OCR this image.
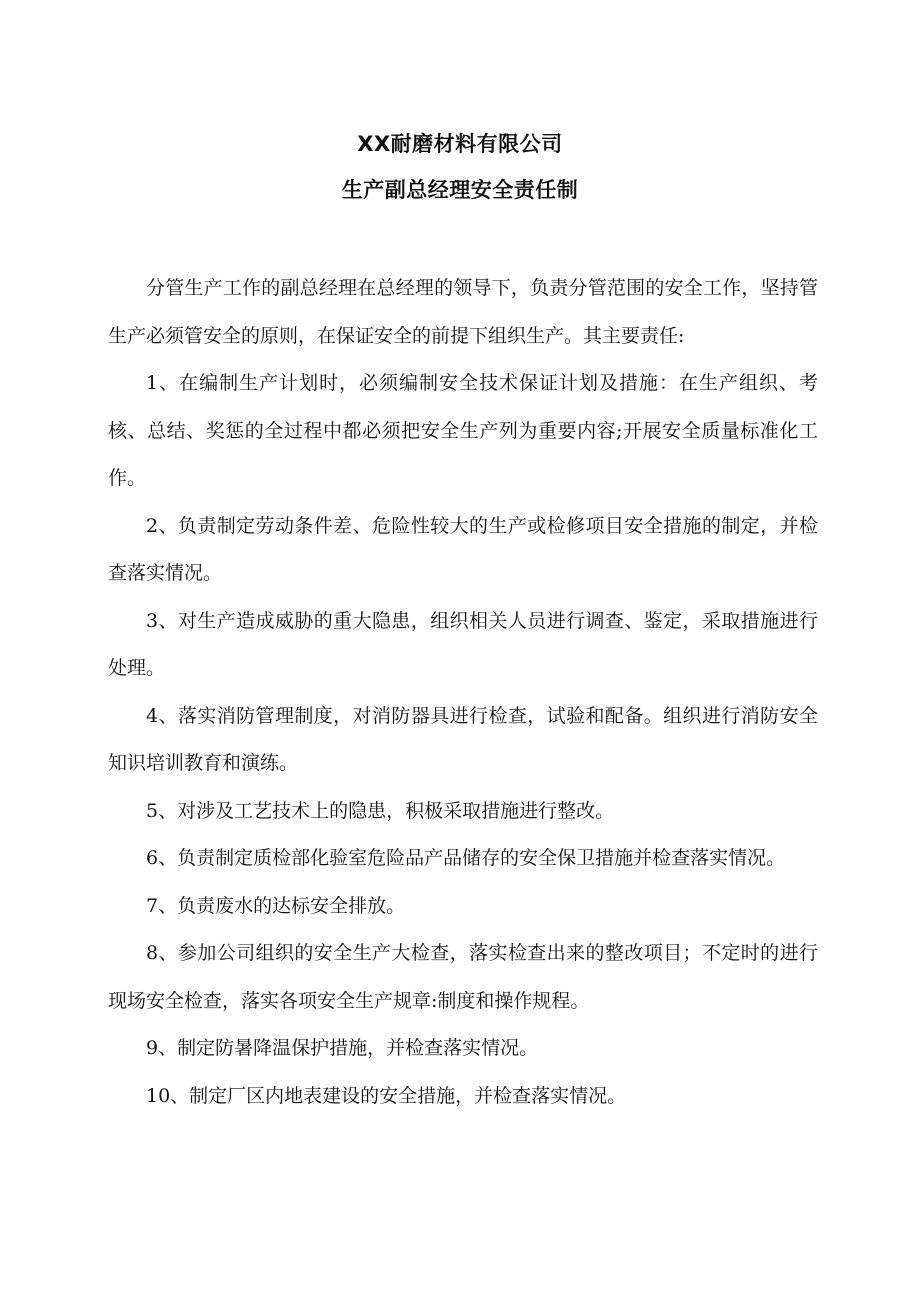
XX耐磨材料有限公司
生产副总经理安全责任制

分管生产工作的副总经理在总经理的领导下，负责分管范围的安全工作，坚持管生产必须管安全的原则，在保证安全的前提下组织生产。其主要责任:

1、在编制生产计划时，必须编制安全技术保证计划及措施：在生产组织、考核、总结、奖惩的全过程中都必须把安全生产列为重要内容;开展安全质量标准化工作。

2、负责制定劳动条件差、危险性较大的生产或检修项目安全措施的制定，并检查落实情况。

3、对生产造成威胁的重大隐患，组织相关人员进行调查、鉴定，采取措施进行处理。

4、落实消防管理制度，对消防器具进行检查，试验和配备。组织进行消防安全知识培训教育和演练。

5、对涉及工艺技术上的隐患，积极采取措施进行整改。

6、负责制定质检部化验室危险品产品储存的安全保卫措施并检查落实情况。

7、负责废水的达标安全排放。

8、参加公司组织的安全生产大检查，落实检查出来的整改项目；不定时的进行现场安全检查，落实各项安全生产规章:制度和操作规程。

9、制定防暑降温保护措施，并检查落实情况。

10、制定厂区内地表建设的安全措施，并检查落实情况。
